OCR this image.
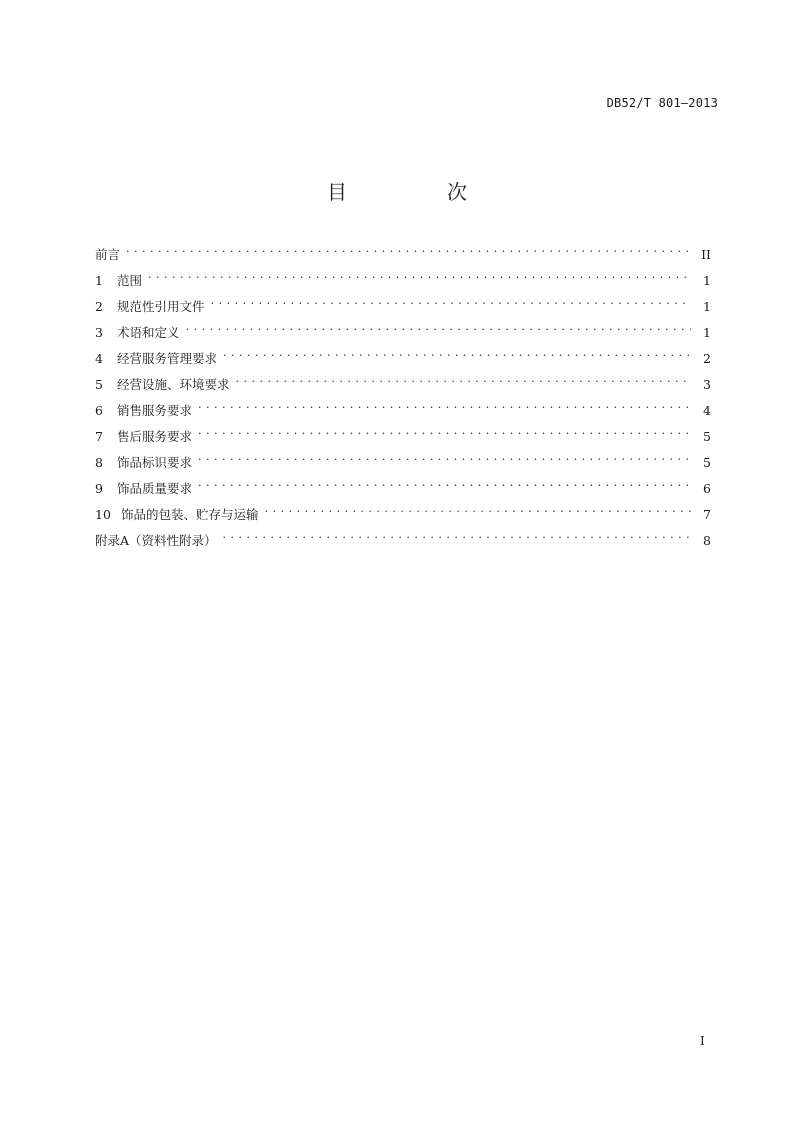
DB52/T 801—2013
目　次
前言 . . .	II
1	范围 . . .	1
2	规范性引用文件 . . .	1
3	术语和定义 . . .	1
4	经营服务管理要求 . . .	2
5	经营设施、环境要求 . . .	3
6	销售服务要求 . . .	4
7	售后服务要求 . . .	5
8	饰品标识要求 . . .	5
9	饰品质量要求 . . .	6
10 饰品的包装、贮存与运输 . . .	7
附录A（资料性附录） . . .	8
I
